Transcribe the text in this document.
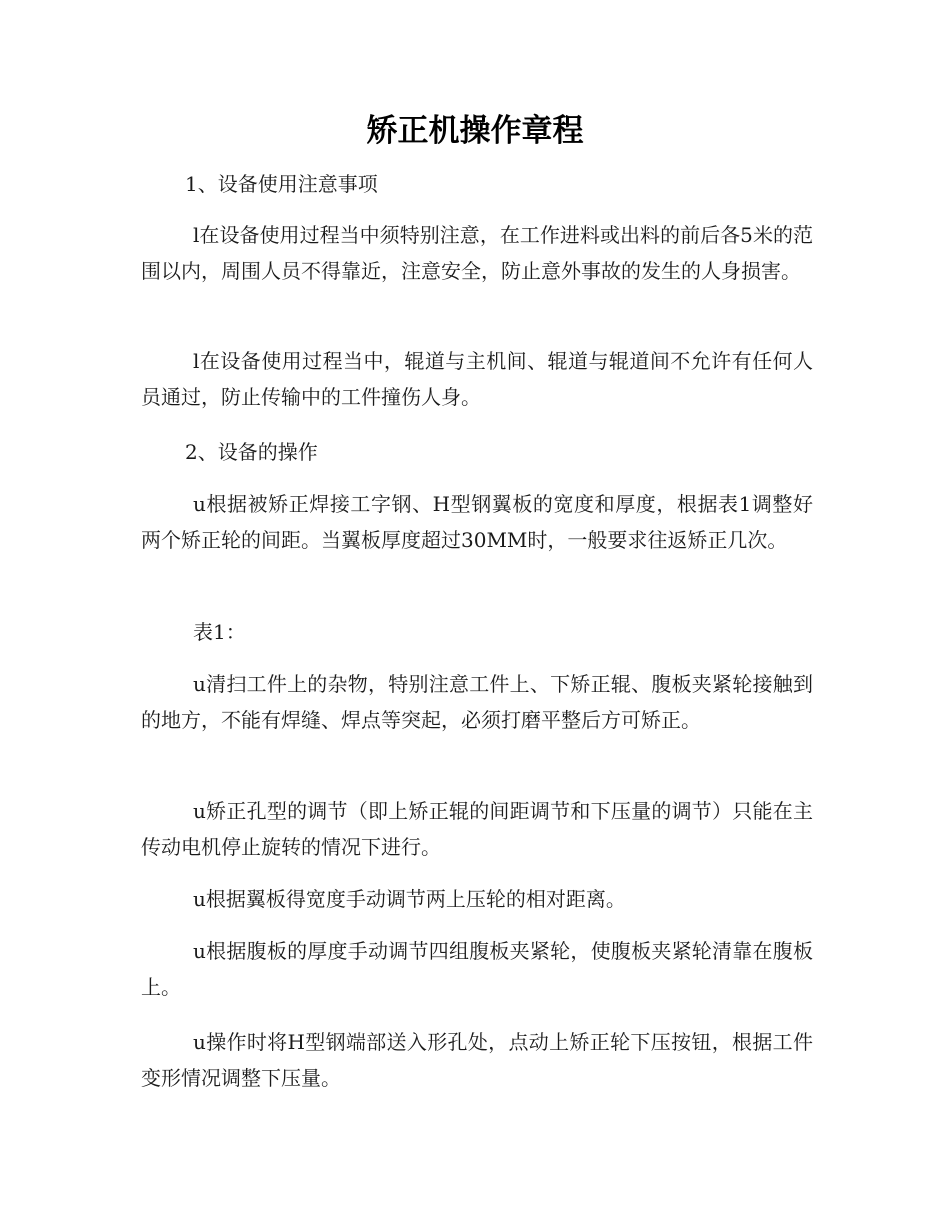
矫正机操作章程

1、设备使用注意事项

l在设备使用过程当中须特别注意，在工作进料或出料的前后各5米的范围以内，周围人员不得靠近，注意安全，防止意外事故的发生的人身损害。

l在设备使用过程当中，辊道与主机间、辊道与辊道间不允许有任何人员通过，防止传输中的工件撞伤人身。

2、设备的操作

u根据被矫正焊接工字钢、H型钢翼板的宽度和厚度，根据表1调整好两个矫正轮的间距。当翼板厚度超过30MM时，一般要求往返矫正几次。

表1：

u清扫工件上的杂物，特别注意工件上、下矫正辊、腹板夹紧轮接触到的地方，不能有焊缝、焊点等突起，必须打磨平整后方可矫正。

u矫正孔型的调节（即上矫正辊的间距调节和下压量的调节）只能在主传动电机停止旋转的情况下进行。

u根据翼板得宽度手动调节两上压轮的相对距离。

u根据腹板的厚度手动调节四组腹板夹紧轮，使腹板夹紧轮清靠在腹板上。

u操作时将H型钢端部送入形孔处，点动上矫正轮下压按钮，根据工件变形情况调整下压量。
